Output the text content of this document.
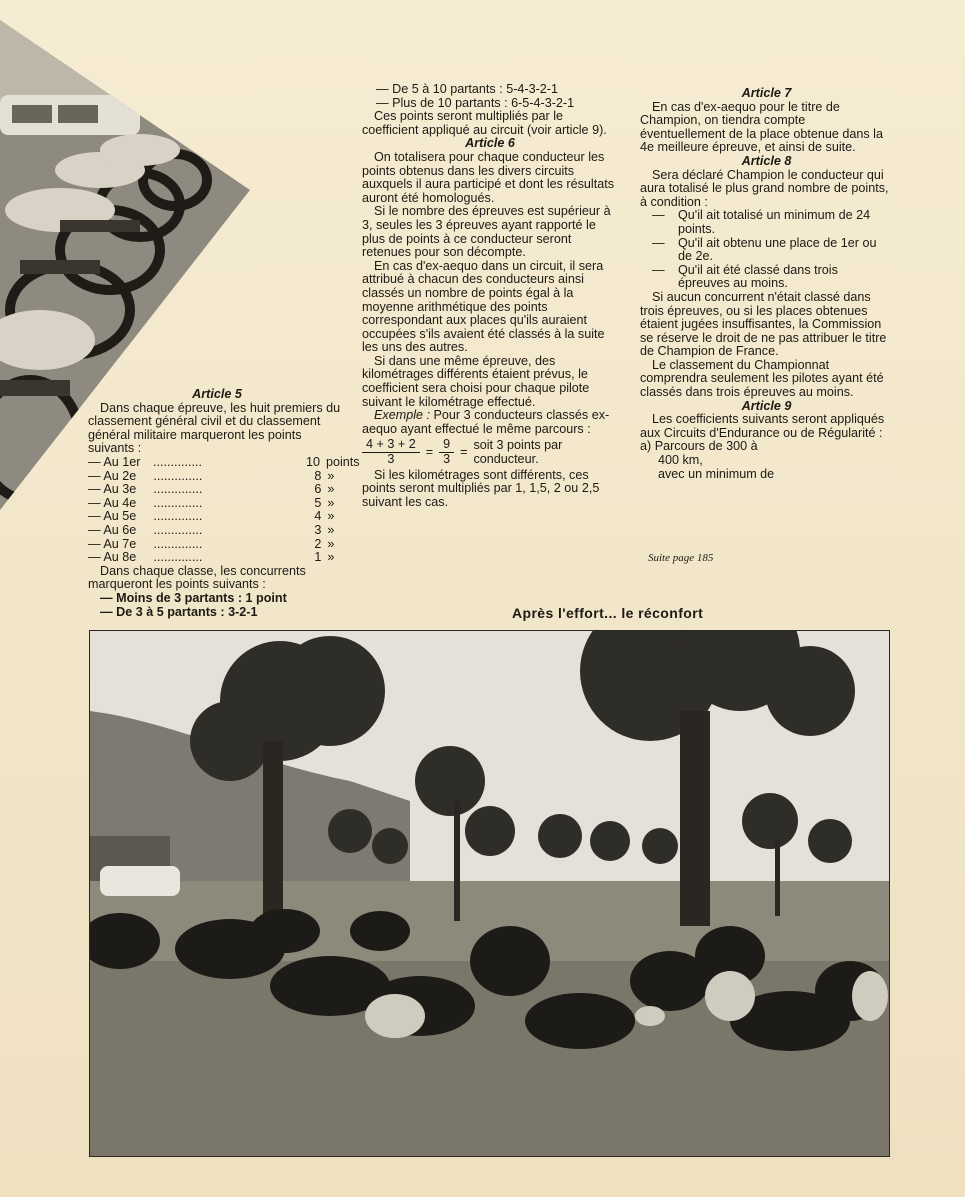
Article 5

Dans chaque épreuve, les huit premiers du classement général civil et du classement général militaire marqueront les points suivants :

— Au 1er ..............	10 points
— Au 2e	..............	8 »
— Au 3e	..............	6 »
— Au 4e	..............	5 »
— Au 5e	..............	4 »
— Au 6e	..............	3 »
— Au 7e	..............	2 »
— Au 8e	..............	1 »

Dans chaque classe, les concurrents marqueront les points suivants :

— Moins de 3 partants : 1 point

— De 3 à 5 partants : 3-2-1

— De 5 à 10 partants : 5-4-3-2-1

— Plus de 10 partants : 6-5-4-3-2-1

Ces points seront multipliés par le coefficient appliqué au circuit (voir article 9).

Article 6

On totalisera pour chaque conducteur les points obtenus dans les divers circuits auxquels il aura participé et dont les résultats auront été homologués.

Si le nombre des épreuves est supérieur à 3, seules les 3 épreuves ayant rapporté le plus de points à ce conducteur seront retenues pour son décompte.

En cas d'ex-aequo dans un circuit, il sera attribué à chacun des conducteurs ainsi classés un nombre de points égal à la moyenne arithmétique des points correspondant aux places qu'ils auraient occupées s'ils avaient été classés à la suite les uns des autres.

Si dans une même épreuve, des kilométrages différents étaient prévus, le coefficient sera choisi pour chaque pilote suivant le kilométrage effectué.

Exemple : Pour 3 conducteurs classés ex-aequo ayant effectué le même parcours :

4 + 3 + 2
3
=
9
3
= soit 3 points par conducteur.

Si les kilométrages sont différents, ces points seront multipliés par 1, 1,5, 2 ou 2,5 suivant les cas.

Article 7

En cas d'ex-aequo pour le titre de Champion, on tiendra compte éventuellement de la place obtenue dans la 4e meilleure épreuve, et ainsi de suite.

Article 8

Sera déclaré Champion le conducteur qui aura totalisé le plus grand nombre de points, à condition :

—	Qu'il ait totalisé un minimum de 24 points.
—	Qu'il ait obtenu une place de 1er ou de 2e.
—	Qu'il ait été classé dans trois épreuves au moins.

Si aucun concurrent n'était classé dans trois épreuves, ou si les places obtenues étaient jugées insuffisantes, la Commission se réserve le droit de ne pas attribuer le titre de Champion de France.

Le classement du Championnat comprendra seulement les pilotes ayant été classés dans trois épreuves au moins.

Article 9

Les coefficients suivants seront appliqués aux Circuits d'Endurance ou de Régularité :

a) Parcours de 300 à

400 km,

avec un minimum de

Suite page 185
Après l'effort... le réconfort
